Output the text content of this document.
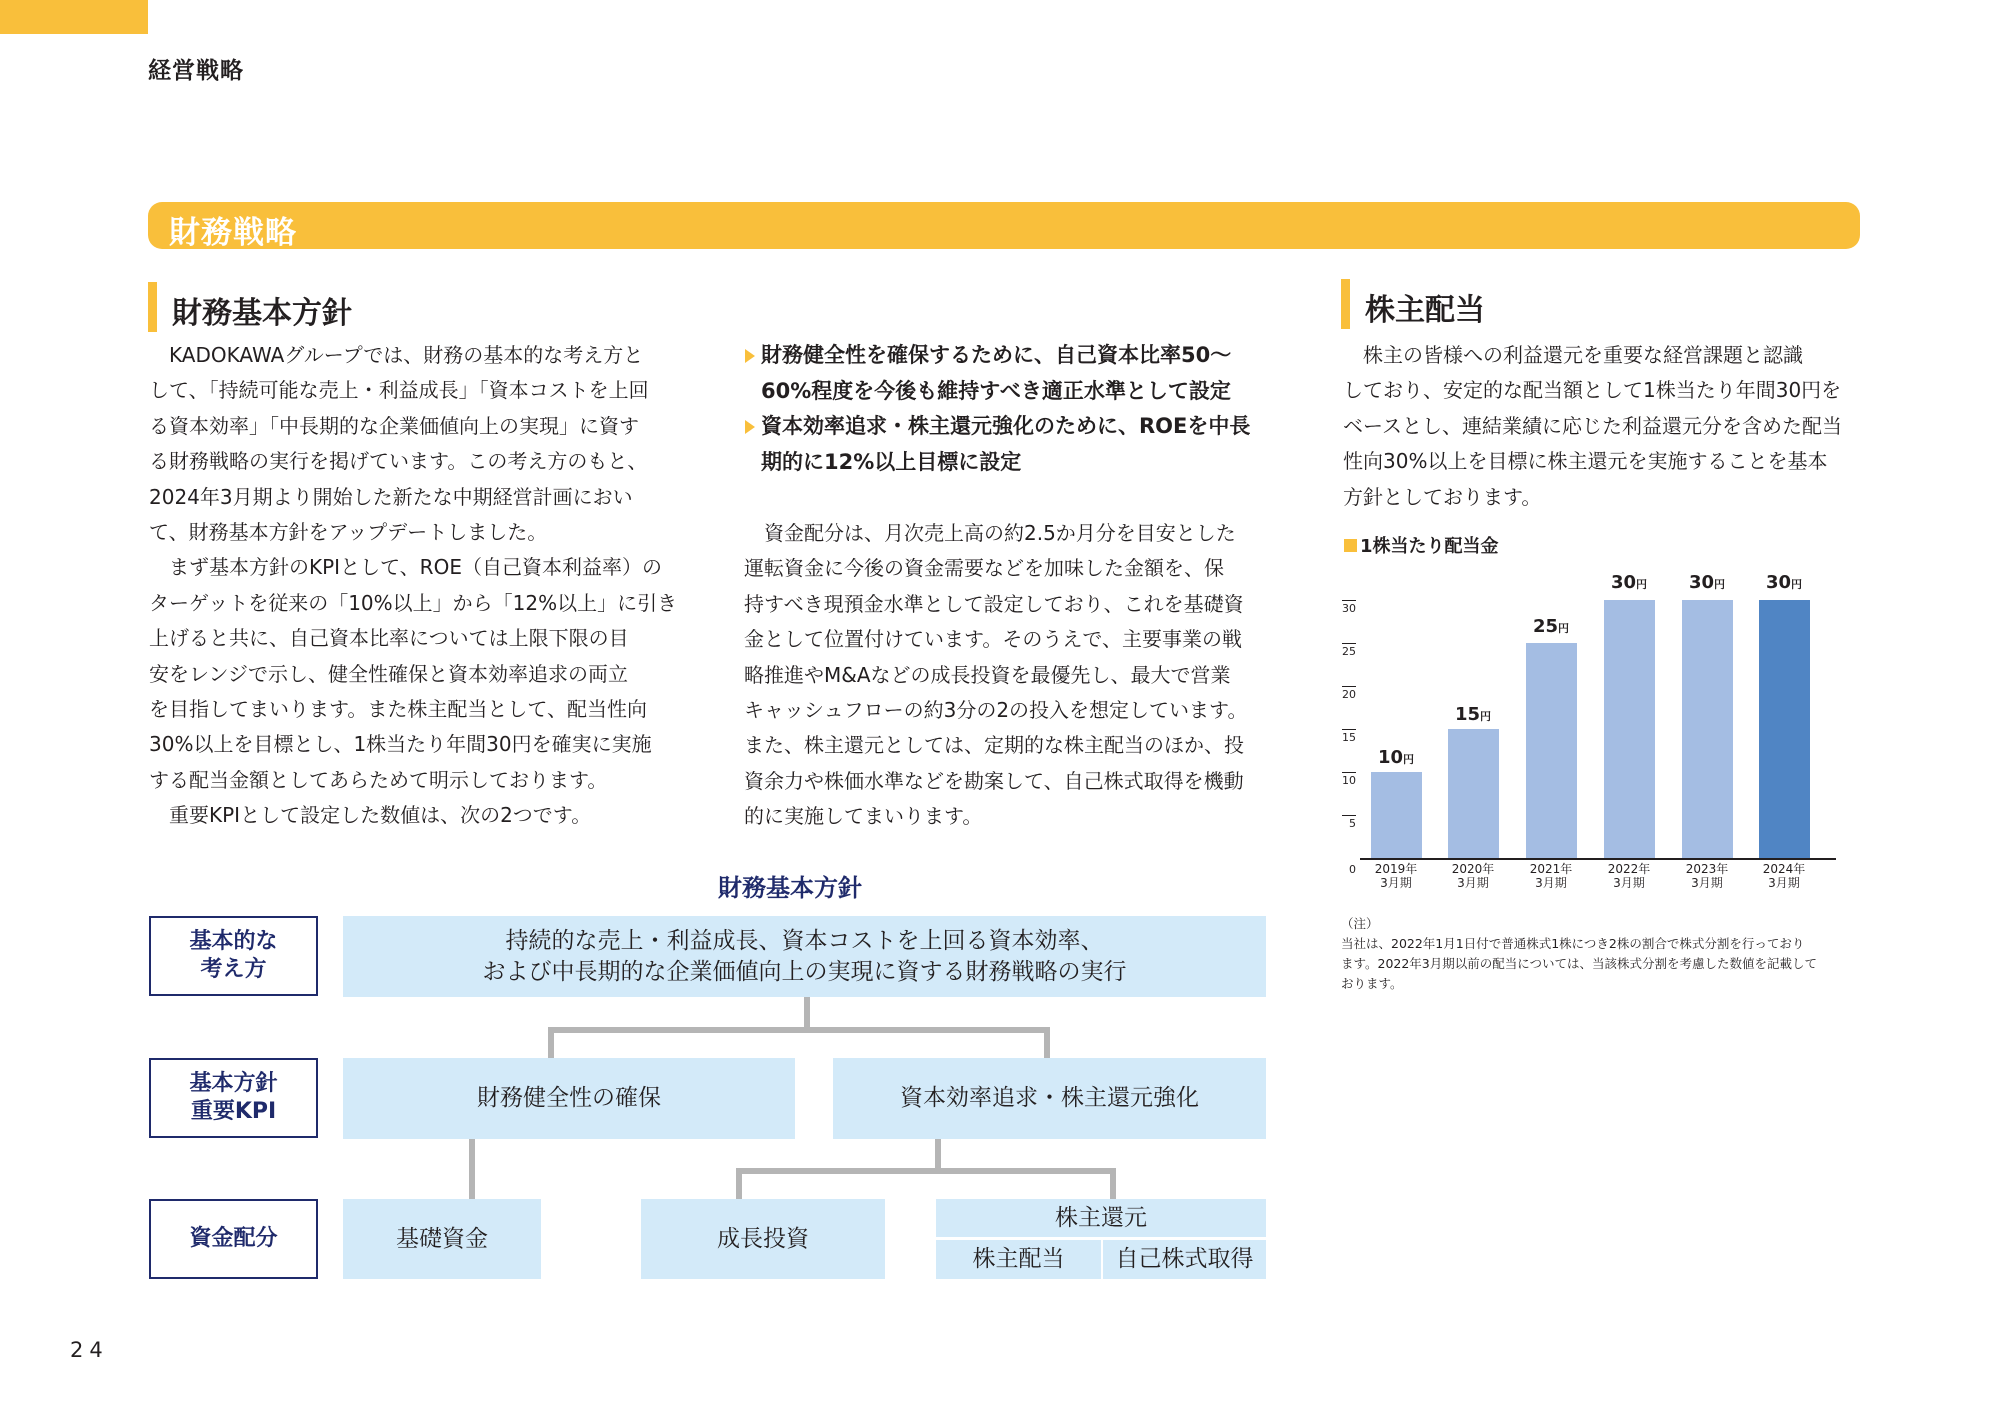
経営戦略
財務戦略
財務基本方針

　KADOKAWAグループでは、財務の基本的な考え方と

して、「持続可能な売上・利益成長」「資本コストを上回

る資本効率」「中長期的な企業価値向上の実現」に資す

る財務戦略の実行を掲げています。この考え方のもと、

2024年3月期より開始した新たな中期経営計画におい

て、財務基本方針をアップデートしました。

　まず基本方針のKPIとして、ROE（自己資本利益率）の

ターゲットを従来の「10%以上」から「12%以上」に引き

上げると共に、自己資本比率については上限下限の目

安をレンジで示し、健全性確保と資本効率追求の両立

を目指してまいります。また株主配当として、配当性向

30%以上を目標とし、1株当たり年間30円を確実に実施

する配当金額としてあらためて明示しております。

　重要KPIとして設定した数値は、次の2つです。

財務健全性を確保するために、自己資本比率50～

60%程度を今後も維持すべき適正水準として設定

資本効率追求・株主還元強化のために、ROEを中長

期的に12%以上目標に設定

　資金配分は、月次売上高の約2.5か月分を目安とした

運転資金に今後の資金需要などを加味した金額を、保

持すべき現預金水準として設定しており、これを基礎資

金として位置付けています。そのうえで、主要事業の戦

略推進やM&Aなどの成長投資を最優先し、最大で営業

キャッシュフローの約3分の2の投入を想定しています。

また、株主還元としては、定期的な株主配当のほか、投

資余力や株価水準などを勘案して、自己株式取得を機動

的に実施してまいります。

財務基本方針
基本的な
考え方
基本方針
重要KPI
資金配分
持続的な売上・利益成長、資本コストを上回る資本効率、
および中長期的な企業価値向上の実現に資する財務戦略の実行
財務健全性の確保	資本効率追求・株主還元強化
基礎資金	成長投資
株主還元
株主配当	自己株式取得
株主配当

　株主の皆様への利益還元を重要な経営課題と認識

しており、安定的な配当額として1株当たり年間30円を

ベースとし、連結業績に応じた利益還元分を含めた配当

性向30%以上を目標に株主還元を実施することを基本

方針としております。

1株当たり配当金
30
25
20
15
10
5
0
10円
15円
25円
30円	30円	30円
2019年
3月期
2020年
3月期
2021年
3月期
2022年
3月期
2023年
3月期
2024年
3月期

（注）

当社は、2022年1月1日付で普通株式1株につき2株の割合で株式分割を行っており

ます。2022年3月期以前の配当については、当該株式分割を考慮した数値を記載して

おります。

24
